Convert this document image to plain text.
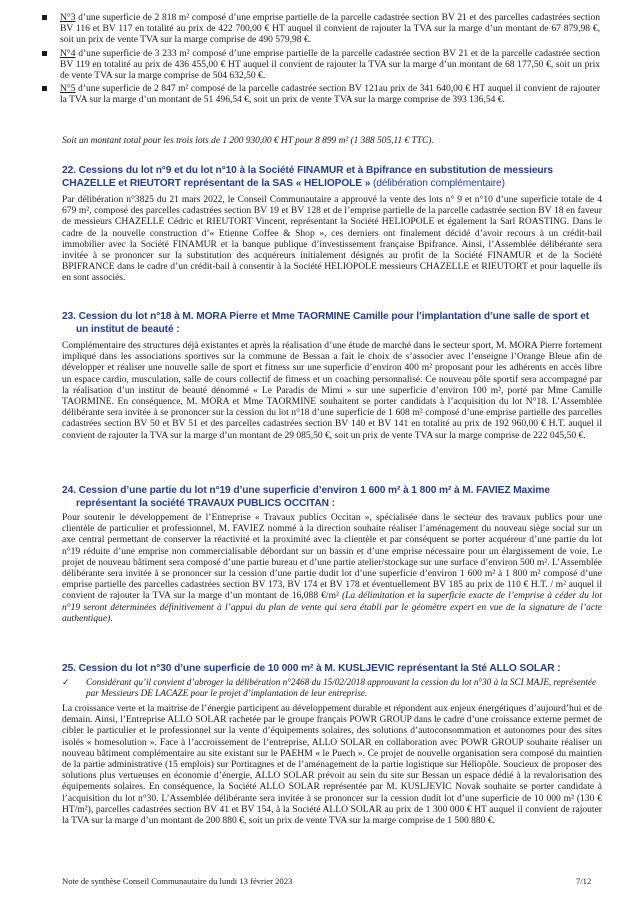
N°3 d’une superficie de 2 818 m² composé d’une emprise partielle de la parcelle cadastrée section BV 21 et des parcelles cadastrées section BV 116 et BV 117 en totalité au prix de 422 700,00 € HT auquel il convient de rajouter la TVA sur la marge d’un montant de 67 879,98 €, soit un prix de vente TVA sur la marge comprise de 490 579,98 €.
N°4 d’une superficie de 3 233 m² composé d’une emprise partielle de la parcelle cadastrée section BV 21 et de la parcelle cadastrée section BV 119 en totalité au prix de 436 455,00 € HT auquel il convient de rajouter la TVA sur la marge d’un montant de 68 177,50 €, soit un prix de vente TVA sur la marge comprise de 504 632,50 €.
N°5 d’une superficie de 2 847 m² composé de la parcelle cadastrée section BV 121au prix de 341 640,00 € HT auquel il convient de rajouter la TVA sur la marge d’un montant de 51 496,54 €, soit un prix de vente TVA sur la marge comprise de 393 136,54 €.
Soit un montant total pour les trois lots de 1 200 930,00 € HT pour 8 899 m² (1 388 505,11 € TTC).
22. Cessions du lot n°9 et du lot n°10 à la Société FINAMUR et à Bpifrance en substitution de messieurs
CHAZELLE et RIEUTORT représentant de la SAS « HELIOPOLE » (délibération complémentaire)

Par délibération n°3825 du 21 mars 2022, le Conseil Communautaire a approuvé la vente des lots n° 9 et n°10 d’une superficie totale de 4 679 m², composé des parcelles cadastrées section BV 19 et BV 128 et de l’emprise partielle de la parcelle cadastrée section BV 18 en faveur de messieurs CHAZELLE Cédric et RIEUTORT Vincent, représentant la Société HELIOPOLE et également la Sarl ROASTING. Dans le cadre de la nouvelle construction d’« Etienne Coffee & Shop », ces derniers ont finalement décidé d’avoir recours à un crédit-bail immobilier avec la Société FINAMUR et la banque publique d’investissement française Bpifrance. Ainsi, l’Assemblée délibérante sera invitée à se prononcer sur la substitution des acquéreurs initialement désignés au profit de la Société FINAMUR et de la Société BPIFRANCE dans le cadre d’un crédit-bail à consentir à la Société HELIOPOLE messieurs CHAZELLE et RIEUTORT et pour laquelle ils en sont associés.

23. Cession du lot n°18 à M. MORA Pierre et Mme TAORMINE Camille pour l’implantation d’une salle de sport et
un institut de beauté :

Complémentaire des structures déjà existantes et après la réalisation d’une étude de marché dans le secteur sport, M. MORA Pierre fortement impliqué dans les associations sportives sur la commune de Bessan a fait le choix de s’associer avec l’enseigne l’Orange Bleue afin de développer et réaliser une nouvelle salle de sport et fitness sur une superficie d’environ 400 m² proposant pour les adhérents en accès libre un espace cardio, musculation, salle de cours collectif de fitness et un coaching personnalisé. Ce nouveau pôle sportif sera accompagné par la réalisation d’un institut de beauté dénommé « Le Paradis de Mimi » sur une superficie d’environ 100 m², porté par Mme Camille TAORMINE. En conséquence, M. MORA et Mme TAORMINE souhaitent se porter candidats à l’acquisition du lot N°18. L’Assemblée délibérante sera invitée à se prononcer sur la cession du lot n°18 d’une superficie de 1 608 m² composé d’une emprise partielle des parcelles cadastrées section BV 50 et BV 51 et des parcelles cadastrées section BV 140 et BV 141 en totalité au prix de 192 960,00 € H.T. auquel il convient de rajouter la TVA sur la marge d’un montant de 29 085,50 €, soit un prix de vente TVA sur la marge comprise de 222 045,50 €.

24. Cession d’une partie du lot n°19 d’une superficie d’environ 1 600 m² à 1 800 m² à M. FAVIEZ Maxime
représentant la société TRAVAUX PUBLICS OCCITAN :

Pour soutenir le développement de l’Entreprise « Travaux publics Occitan », spécialisée dans le secteur des travaux publics pour une clientèle de particulier et professionnel, M. FAVIEZ nommé à la direction souhaite réaliser l’aménagement du nouveau siège social sur un axe central permettant de conserver la réactivité et la proximité avec la clientèle et par conséquent se porter acquéreur d’une partie du lot n°19 réduite d’une emprise non commercialisable débordant sur un bassin et d’une emprise nécessaire pour un élargissement de voie. Le projet de nouveau bâtiment sera composé d’une partie bureau et d’une partie atelier/stockage sur une surface d’environ 500 m². L’Assemblée délibérante sera invitée à se prononcer sur la cession d’une partie dudit lot d’une superficie d’environ 1 600 m² à 1 800 m² composé d’une emprise partielle des parcelles cadastrées section BV 173, BV 174 et BV 178 et éventuellement BV 185 au prix de 110 € H.T. / m² auquel il convient de rajouter la TVA sur la marge d’un montant de 16,088 €/m² (La délimitation et la superficie exacte de l’emprise à céder du lot n°19 seront déterminées définitivement à l’appui du plan de vente qui sera établi par le géomètre expert en vue de la signature de l’acte authentique).

25. Cession du lot n°30 d’une superficie de 10 000 m² à M. KUSLJEVIC représentant la Sté ALLO SOLAR :
✓	Considérant qu’il convient d’abroger la délibération n°2468 du 15/02/2018 approuvant la cession du lot n°30 à la SCI MAJE, représentée par Messieurs DE LACAZE pour le projet d’implantation de leur entreprise.

La croissance verte et la maitrise de l’énergie participent au développement durable et répondent aux enjeux énergétiques d’aujourd’hui et de demain. Ainsi, l’Entreprise ALLO SOLAR rachetée par le groupe français POWR GROUP dans le cadre d’une croissance externe permet de cibler le particulier et le professionnel sur la vente d’équipements solaires, des solutions d’autoconsommation et autonomes pour des sites isolés « homesolution ». Face à l’accroissement de l’entreprise, ALLO SOLAR en collaboration avec POWR GROUP souhaite réaliser un nouveau bâtiment complémentaire au site existant sur le PAEHM « le Puech ». Ce projet de nouvelle organisation sera composé du maintien de la partie administrative (15 emplois) sur Portiragnes et de l’aménagement de la partie logistique sur Héliopôle. Soucieux de proposer des solutions plus vertueuses en économie d’énergie, ALLO SOLAR prévoit au sein du site sur Bessan un espace dédié à la revalorisation des équipements solaires. En conséquence, la Société ALLO SOLAR représentée par M. KUSLJEVIC Novak souhaite se porter candidate à l’acquisition du lot n°30. L’Assemblée délibérante sera invitée à se prononcer sur la cession dudit lot d’une superficie de 10 000 m² (130 € HT/m²), parcelles cadastrées section BV 41 et BV 154, à la Société ALLO SOLAR au prix de 1 300 000 € HT auquel il convient de rajouter la TVA sur la marge d’un montant de 200 880 €, soit un prix de vente TVA sur la marge comprise de 1 500 880 €.

Note de synthèse Conseil Communautaire du lundi 13 février 2023	7/12
